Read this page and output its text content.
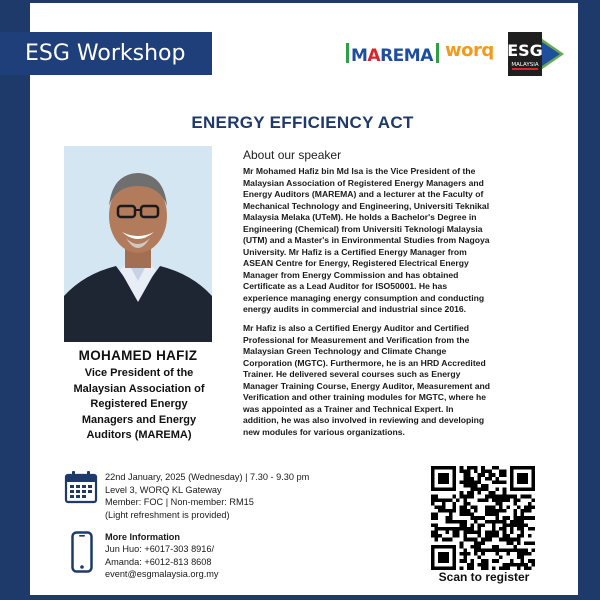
ESG Workshop	MAREMA worq ESG
MALAYSIA
ENERGY EFFICIENCY ACT
MOHAMED HAFIZ
Vice President of the
Malaysian Association of
Registered Energy
Managers and Energy
Auditors (MAREMA)
About our speaker
Mr Mohamed Hafiz bin Md Isa is the Vice President of the
Malaysian Association of Registered Energy Managers and
Energy Auditors (MAREMA) and a lecturer at the Faculty of
Mechanical Technology and Engineering, Universiti Teknikal
Malaysia Melaka (UTeM). He holds a Bachelor's Degree in
Engineering (Chemical) from Universiti Teknologi Malaysia
(UTM) and a Master's in Environmental Studies from Nagoya
University. Mr Hafiz is a Certified Energy Manager from
ASEAN Centre for Energy, Registered Electrical Energy
Manager from Energy Commission and has obtained
Certificate as a Lead Auditor for ISO50001. He has
experience managing energy consumption and conducting
energy audits in commercial and industrial since 2016.
Mr Hafiz is also a Certified Energy Auditor and Certified
Professional for Measurement and Verification from the
Malaysian Green Technology and Climate Change
Corporation (MGTC). Furthermore, he is an HRD Accredited
Trainer. He delivered several courses such as Energy
Manager Training Course, Energy Auditor, Measurement and
Verification and other training modules for MGTC, where he
was appointed as a Trainer and Technical Expert. In
addition, he was also involved in reviewing and developing
new modules for various organizations.
22nd January, 2025 (Wednesday) | 7.30 - 9.30 pm
Level 3, WORQ KL Gateway
Member: FOC | Non-member: RM15
(Light refreshment is provided)
More Information
Jun Huo: +6017-303 8916/
Amanda: +6012-813 8608
event@esgmalaysia.org.my	Scan to register
